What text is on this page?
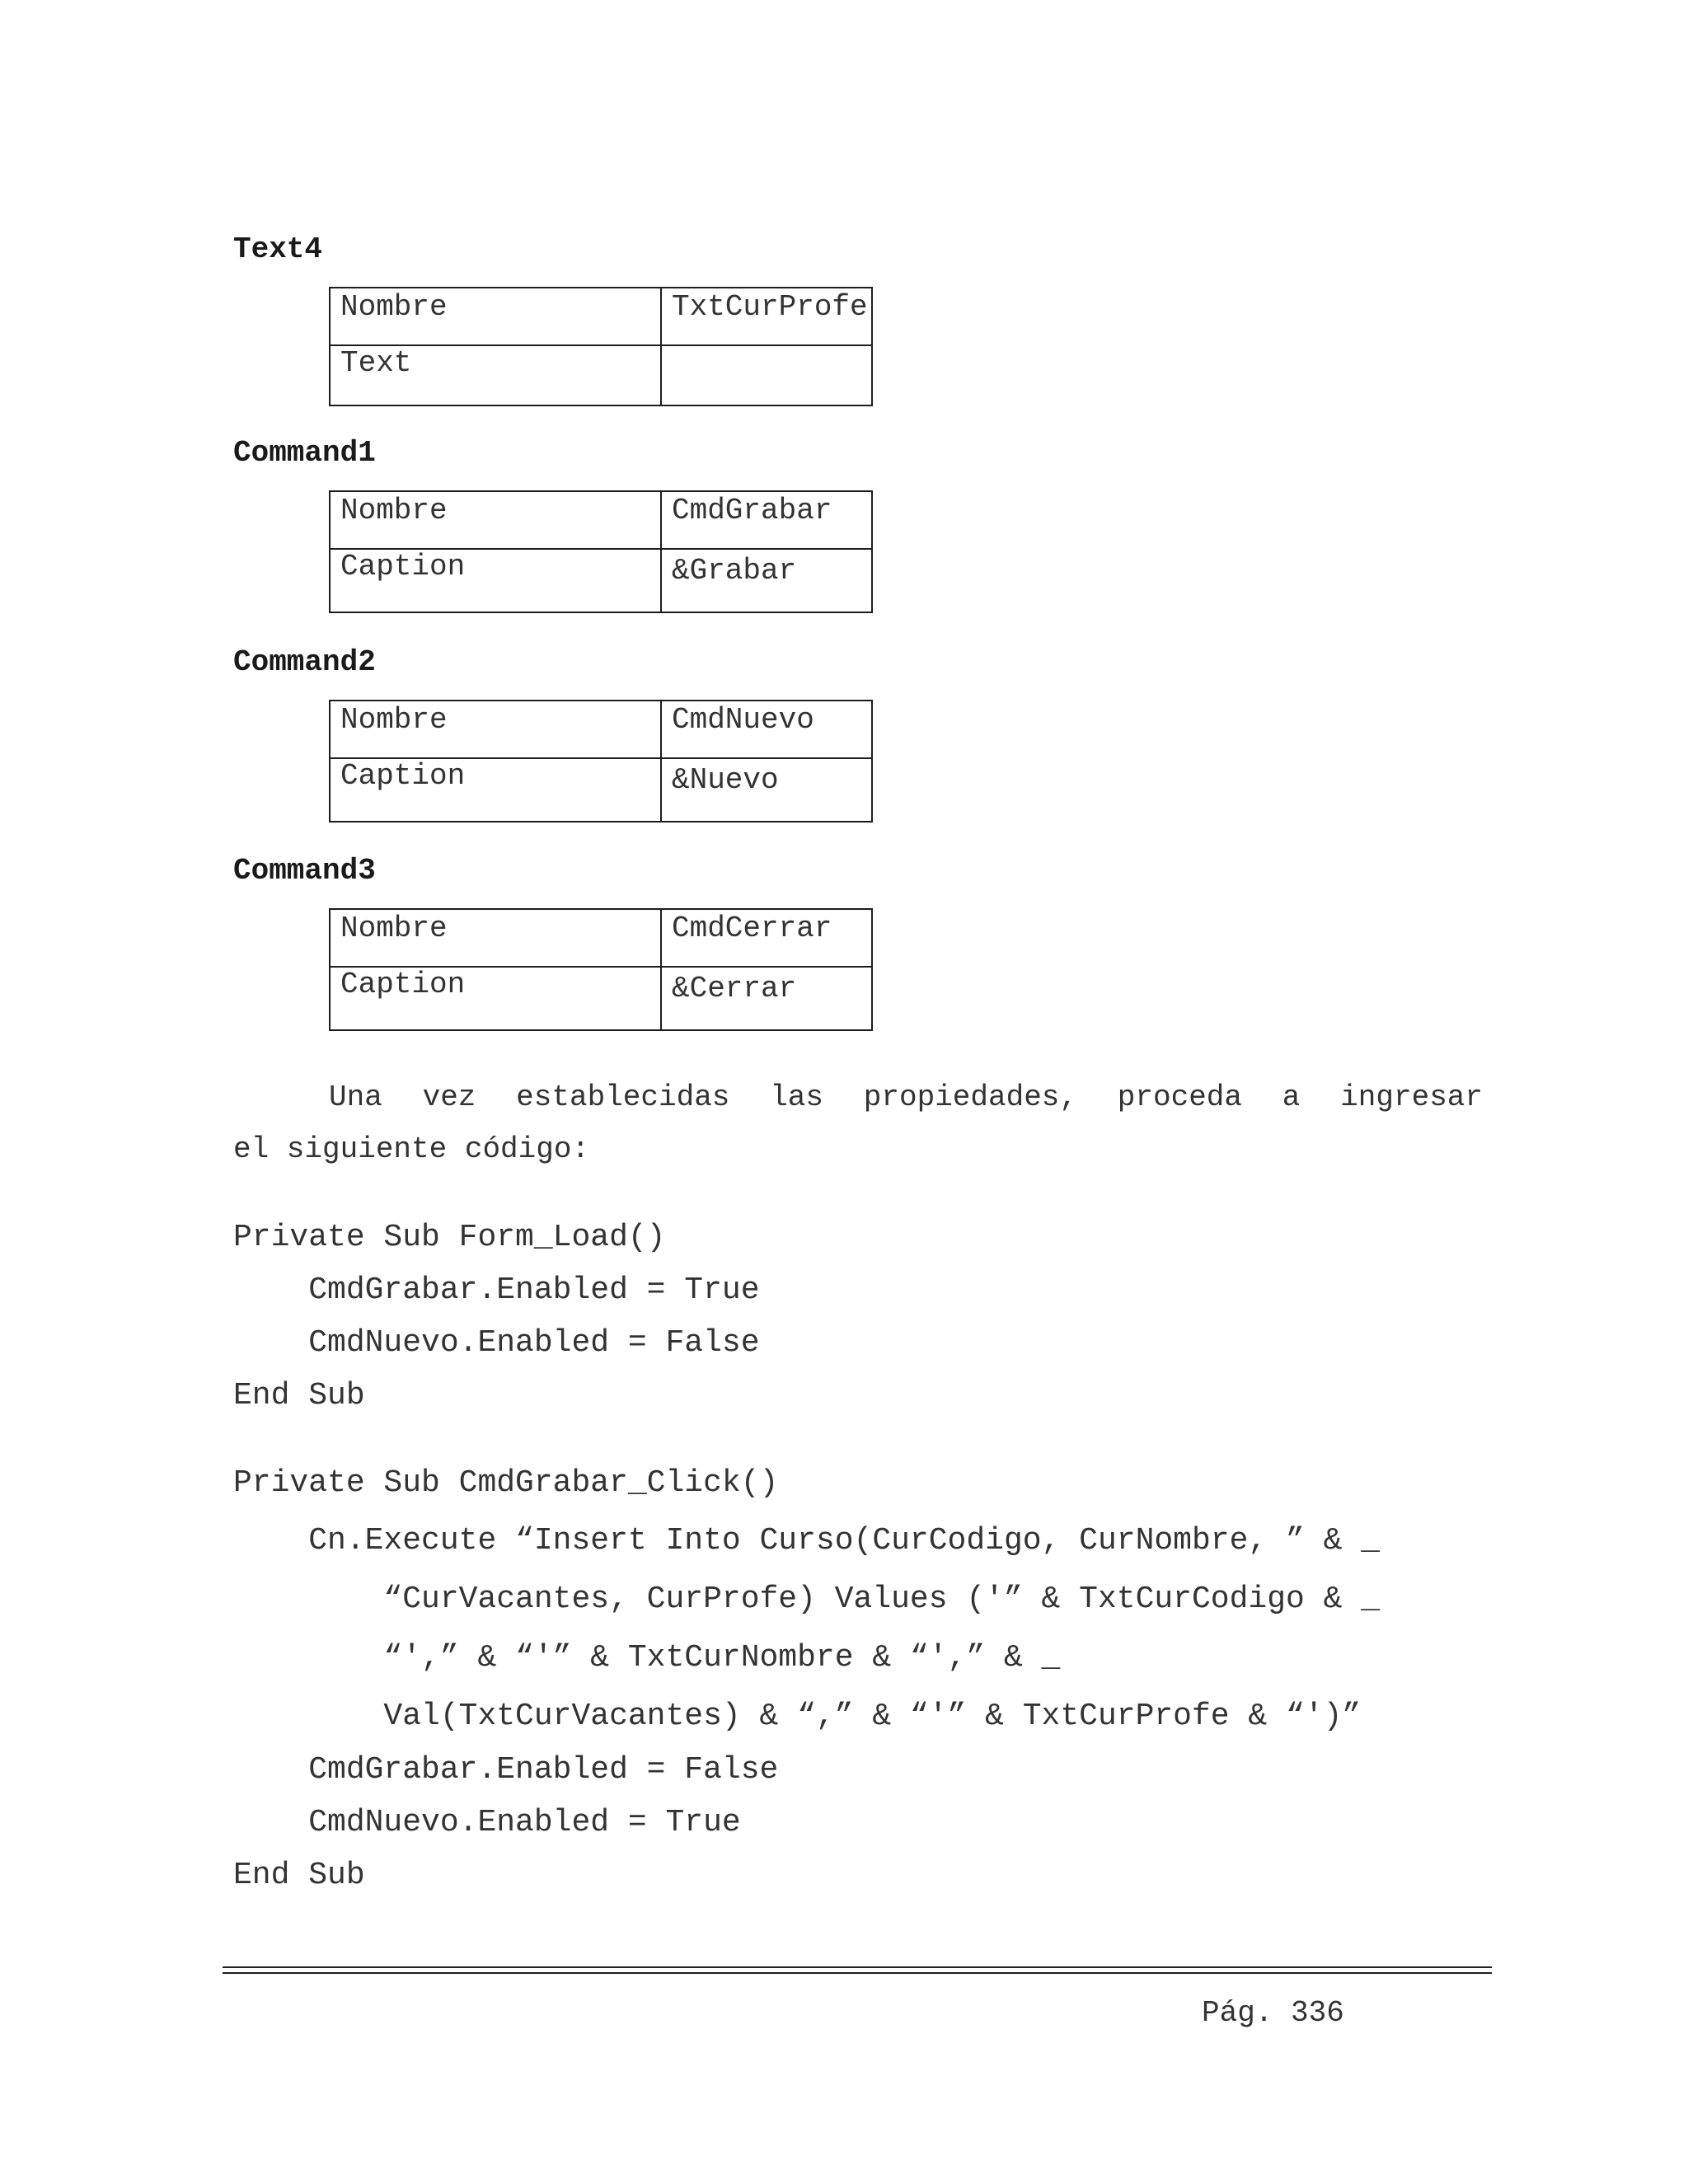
Text4
Nombre	TxtCurProfe
Text	
Command1
Nombre	CmdGrabar
Caption	&Grabar
Command2
Nombre	CmdNuevo
Caption	&Nuevo
Command3
Nombre	CmdCerrar
Caption	&Cerrar
Una vez establecidas las propiedades, proceda a ingresar
el siguiente código:
Private Sub Form_Load()
CmdGrabar.Enabled = True
CmdNuevo.Enabled = False
End Sub
Private Sub CmdGrabar_Click()
Cn.Execute “Insert Into Curso(CurCodigo, CurNombre, ” & _
“CurVacantes, CurProfe) Values ('” & TxtCurCodigo & _
“',” & “'” & TxtCurNombre & “',” & _
Val(TxtCurVacantes) & “,” & “'” & TxtCurProfe & “')”
CmdGrabar.Enabled = False
CmdNuevo.Enabled = True
End Sub
Pág. 336
